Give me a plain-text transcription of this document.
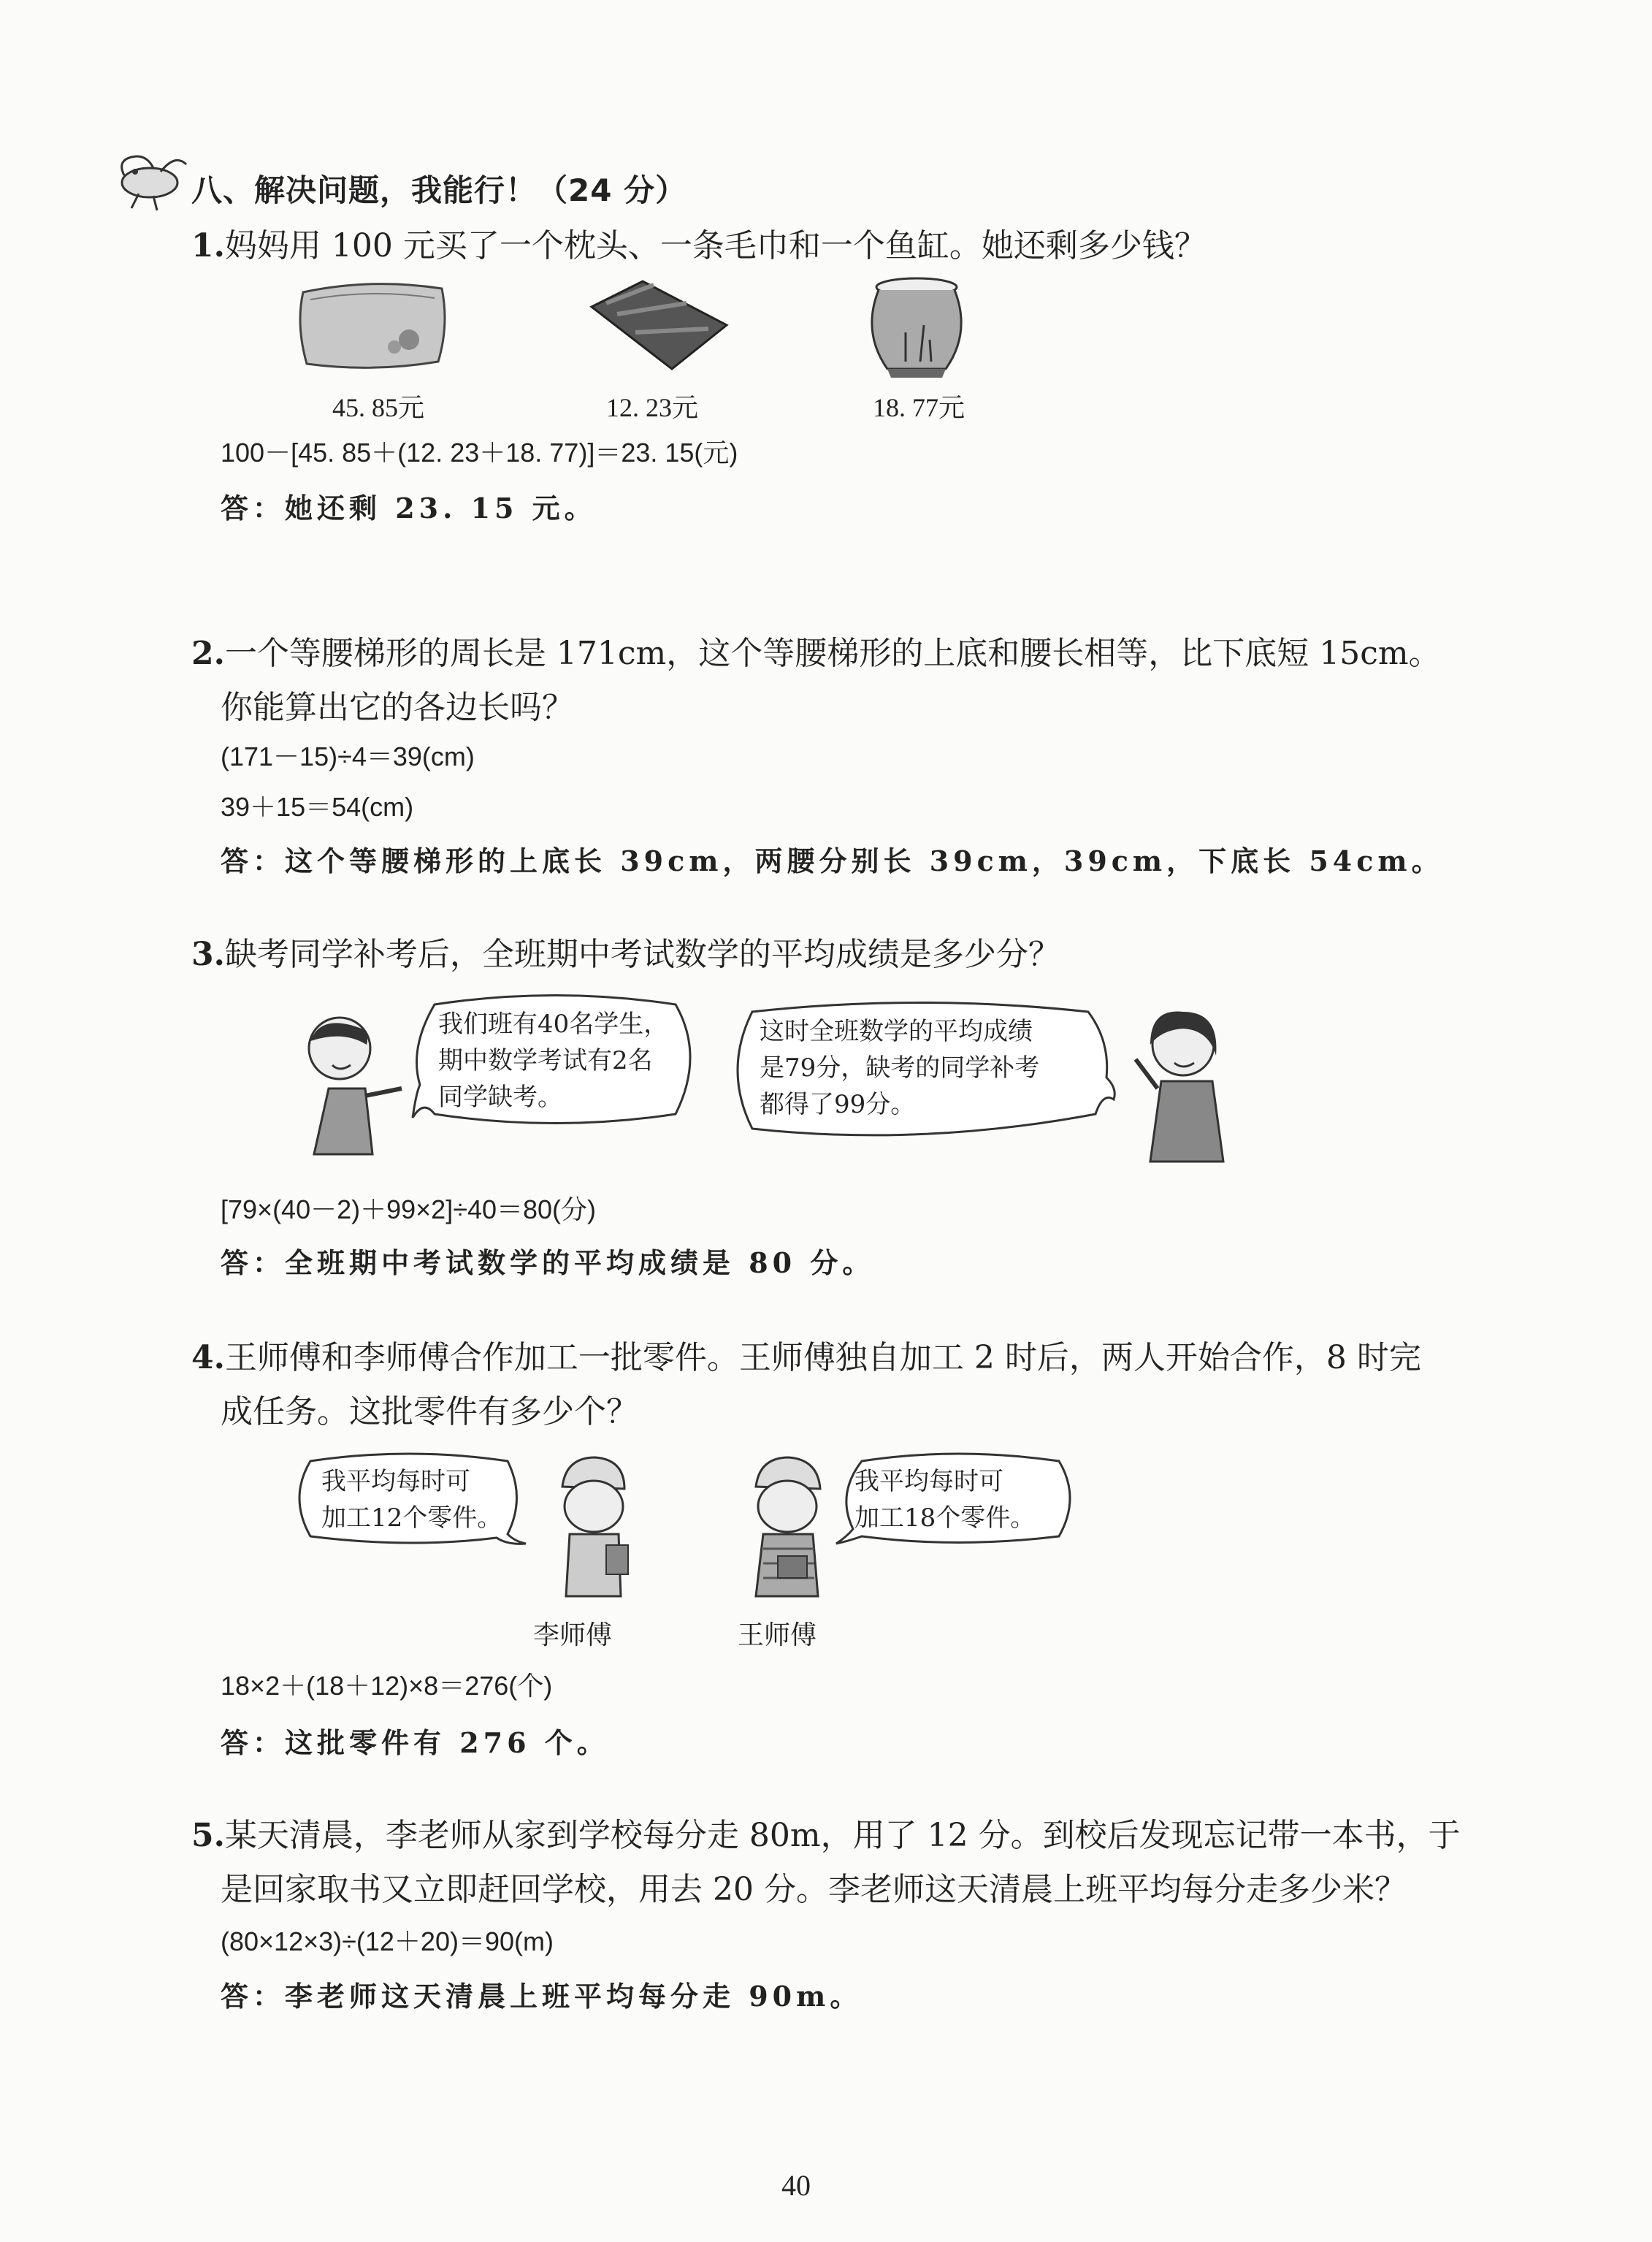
八、解决问题，我能行！（24 分）
1.妈妈用 100 元买了一个枕头、一条毛巾和一个鱼缸。她还剩多少钱？
45. 85元	12. 23元	18. 77元
100－[45. 85＋(12. 23＋18. 77)]＝23. 15(元)
答：她还剩 23. 15 元。
2.一个等腰梯形的周长是 171cm，这个等腰梯形的上底和腰长相等，比下底短 15cm。
你能算出它的各边长吗？
(171－15)÷4＝39(cm)
39＋15＝54(cm)
答：这个等腰梯形的上底长 39cm，两腰分别长 39cm，39cm，下底长 54cm。
3.缺考同学补考后，全班期中考试数学的平均成绩是多少分？
我们班有40名学生，
期中数学考试有2名
同学缺考。
这时全班数学的平均成绩
是79分，缺考的同学补考
都得了99分。
[79×(40－2)＋99×2]÷40＝80(分)
答：全班期中考试数学的平均成绩是 80 分。
4.王师傅和李师傅合作加工一批零件。王师傅独自加工 2 时后，两人开始合作，8 时完
成任务。这批零件有多少个？
我平均每时可
加工12个零件。
我平均每时可
加工18个零件。
李师傅	王师傅
18×2＋(18＋12)×8＝276(个)
答：这批零件有 276 个。
5.某天清晨，李老师从家到学校每分走 80m，用了 12 分。到校后发现忘记带一本书，于
是回家取书又立即赶回学校，用去 20 分。李老师这天清晨上班平均每分走多少米？
(80×12×3)÷(12＋20)＝90(m)
答：李老师这天清晨上班平均每分走 90m。
40
